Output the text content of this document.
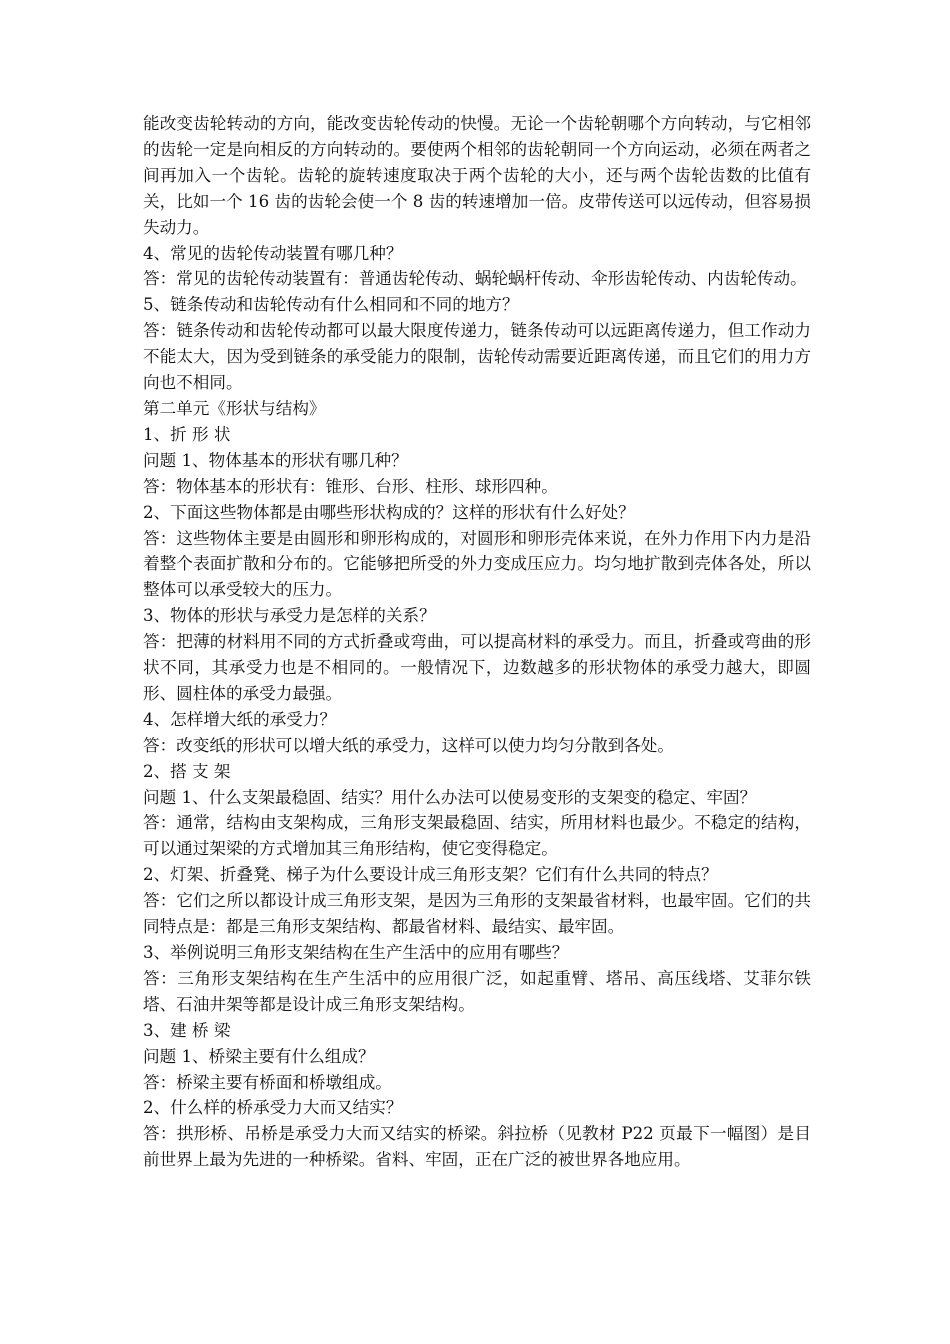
能改变齿轮转动的方向，能改变齿轮传动的快慢。无论一个齿轮朝哪个方向转动，与它相邻的齿轮一定是向相反的方向转动的。要使两个相邻的齿轮朝同一个方向运动，必须在两者之间再加入一个齿轮。齿轮的旋转速度取决于两个齿轮的大小，还与两个齿轮齿数的比值有关，比如一个 16 齿的齿轮会使一个 8 齿的转速增加一倍。皮带传送可以远传动，但容易损失动力。

4、常见的齿轮传动装置有哪几种？

答：常见的齿轮传动装置有：普通齿轮传动、蜗轮蜗杆传动、伞形齿轮传动、内齿轮传动。

5、链条传动和齿轮传动有什么相同和不同的地方？

答：链条传动和齿轮传动都可以最大限度传递力，链条传动可以远距离传递力，但工作动力不能太大，因为受到链条的承受能力的限制，齿轮传动需要近距离传递，而且它们的用力方向也不相同。

第二单元《形状与结构》

1、折 形 状

问题 1、物体基本的形状有哪几种？

答：物体基本的形状有：锥形、台形、柱形、球形四种。

2、下面这些物体都是由哪些形状构成的？这样的形状有什么好处？

答：这些物体主要是由圆形和卵形构成的，对圆形和卵形壳体来说，在外力作用下内力是沿着整个表面扩散和分布的。它能够把所受的外力变成压应力。均匀地扩散到壳体各处，所以整体可以承受较大的压力。

3、物体的形状与承受力是怎样的关系？

答：把薄的材料用不同的方式折叠或弯曲，可以提高材料的承受力。而且，折叠或弯曲的形状不同，其承受力也是不相同的。一般情况下，边数越多的形状物体的承受力越大，即圆形、圆柱体的承受力最强。

4、怎样增大纸的承受力？

答：改变纸的形状可以增大纸的承受力，这样可以使力均匀分散到各处。

2、搭 支 架

问题 1、什么支架最稳固、结实？用什么办法可以使易变形的支架变的稳定、牢固？

答：通常，结构由支架构成，三角形支架最稳固、结实，所用材料也最少。不稳定的结构，可以通过架梁的方式增加其三角形结构，使它变得稳定。

2、灯架、折叠凳、梯子为什么要设计成三角形支架？它们有什么共同的特点？

答：它们之所以都设计成三角形支架，是因为三角形的支架最省材料，也最牢固。它们的共同特点是：都是三角形支架结构、都最省材料、最结实、最牢固。

3、举例说明三角形支架结构在生产生活中的应用有哪些？

答：三角形支架结构在生产生活中的应用很广泛，如起重臂、塔吊、高压线塔、艾菲尔铁塔、石油井架等都是设计成三角形支架结构。

3、建 桥 梁

问题 1、桥梁主要有什么组成？

答：桥梁主要有桥面和桥墩组成。

2、什么样的桥承受力大而又结实？

答：拱形桥、吊桥是承受力大而又结实的桥梁。斜拉桥（见教材 P22 页最下一幅图）是目前世界上最为先进的一种桥梁。省料、牢固，正在广泛的被世界各地应用。
